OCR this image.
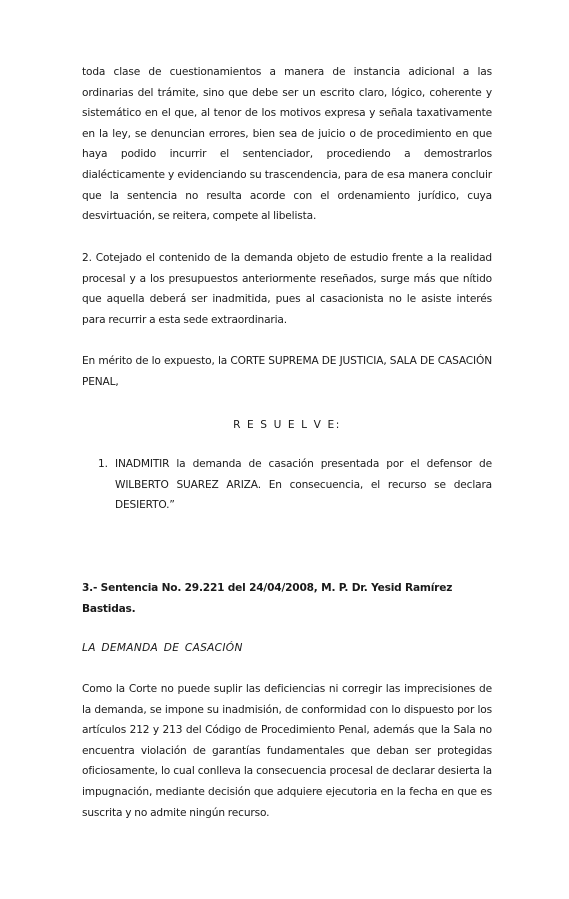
toda clase de cuestionamientos a manera de instancia adicional a las ordinarias del trámite, sino que debe ser un escrito claro, lógico, coherente y sistemático en el que, al tenor de los motivos expresa y señala taxativamente en la ley, se denuncian errores, bien sea de juicio o de procedimiento en que haya podido incurrir el sentenciador, procediendo a demostrarlos dialécticamente y evidenciando su trascendencia, para de esa manera concluir que la sentencia no resulta acorde con el ordenamiento jurídico, cuya desvirtuación, se reitera, compete al libelista.

2. Cotejado el contenido de la demanda objeto de estudio frente a la realidad procesal y a los presupuestos anteriormente reseñados, surge más que nítido que aquella deberá ser inadmitida, pues al casacionista no le asiste interés para recurrir a esta sede extraordinaria.

En mérito de lo expuesto, la CORTE SUPREMA DE JUSTICIA, SALA DE CASACIÓN PENAL,

R E S U E L V E:

1. INADMITIR la demanda de casación presentada por el defensor de WILBERTO SUAREZ ARIZA. En consecuencia, el recurso se declara DESIERTO.”

3.- Sentencia No. 29.221 del 24/04/2008, M. P. Dr. Yesid Ramírez Bastidas.

LA DEMANDA DE CASACIÓN

Como la Corte no puede suplir las deficiencias ni corregir las imprecisiones de la demanda, se impone su inadmisión, de conformidad con lo dispuesto por los artículos 212 y 213 del Código de Procedimiento Penal, además que la Sala no encuentra violación de garantías fundamentales que deban ser protegidas oficiosamente, lo cual conlleva la consecuencia procesal de declarar desierta la impugnación, mediante decisión que adquiere ejecutoria en la fecha en que es suscrita y no admite ningún recurso.
